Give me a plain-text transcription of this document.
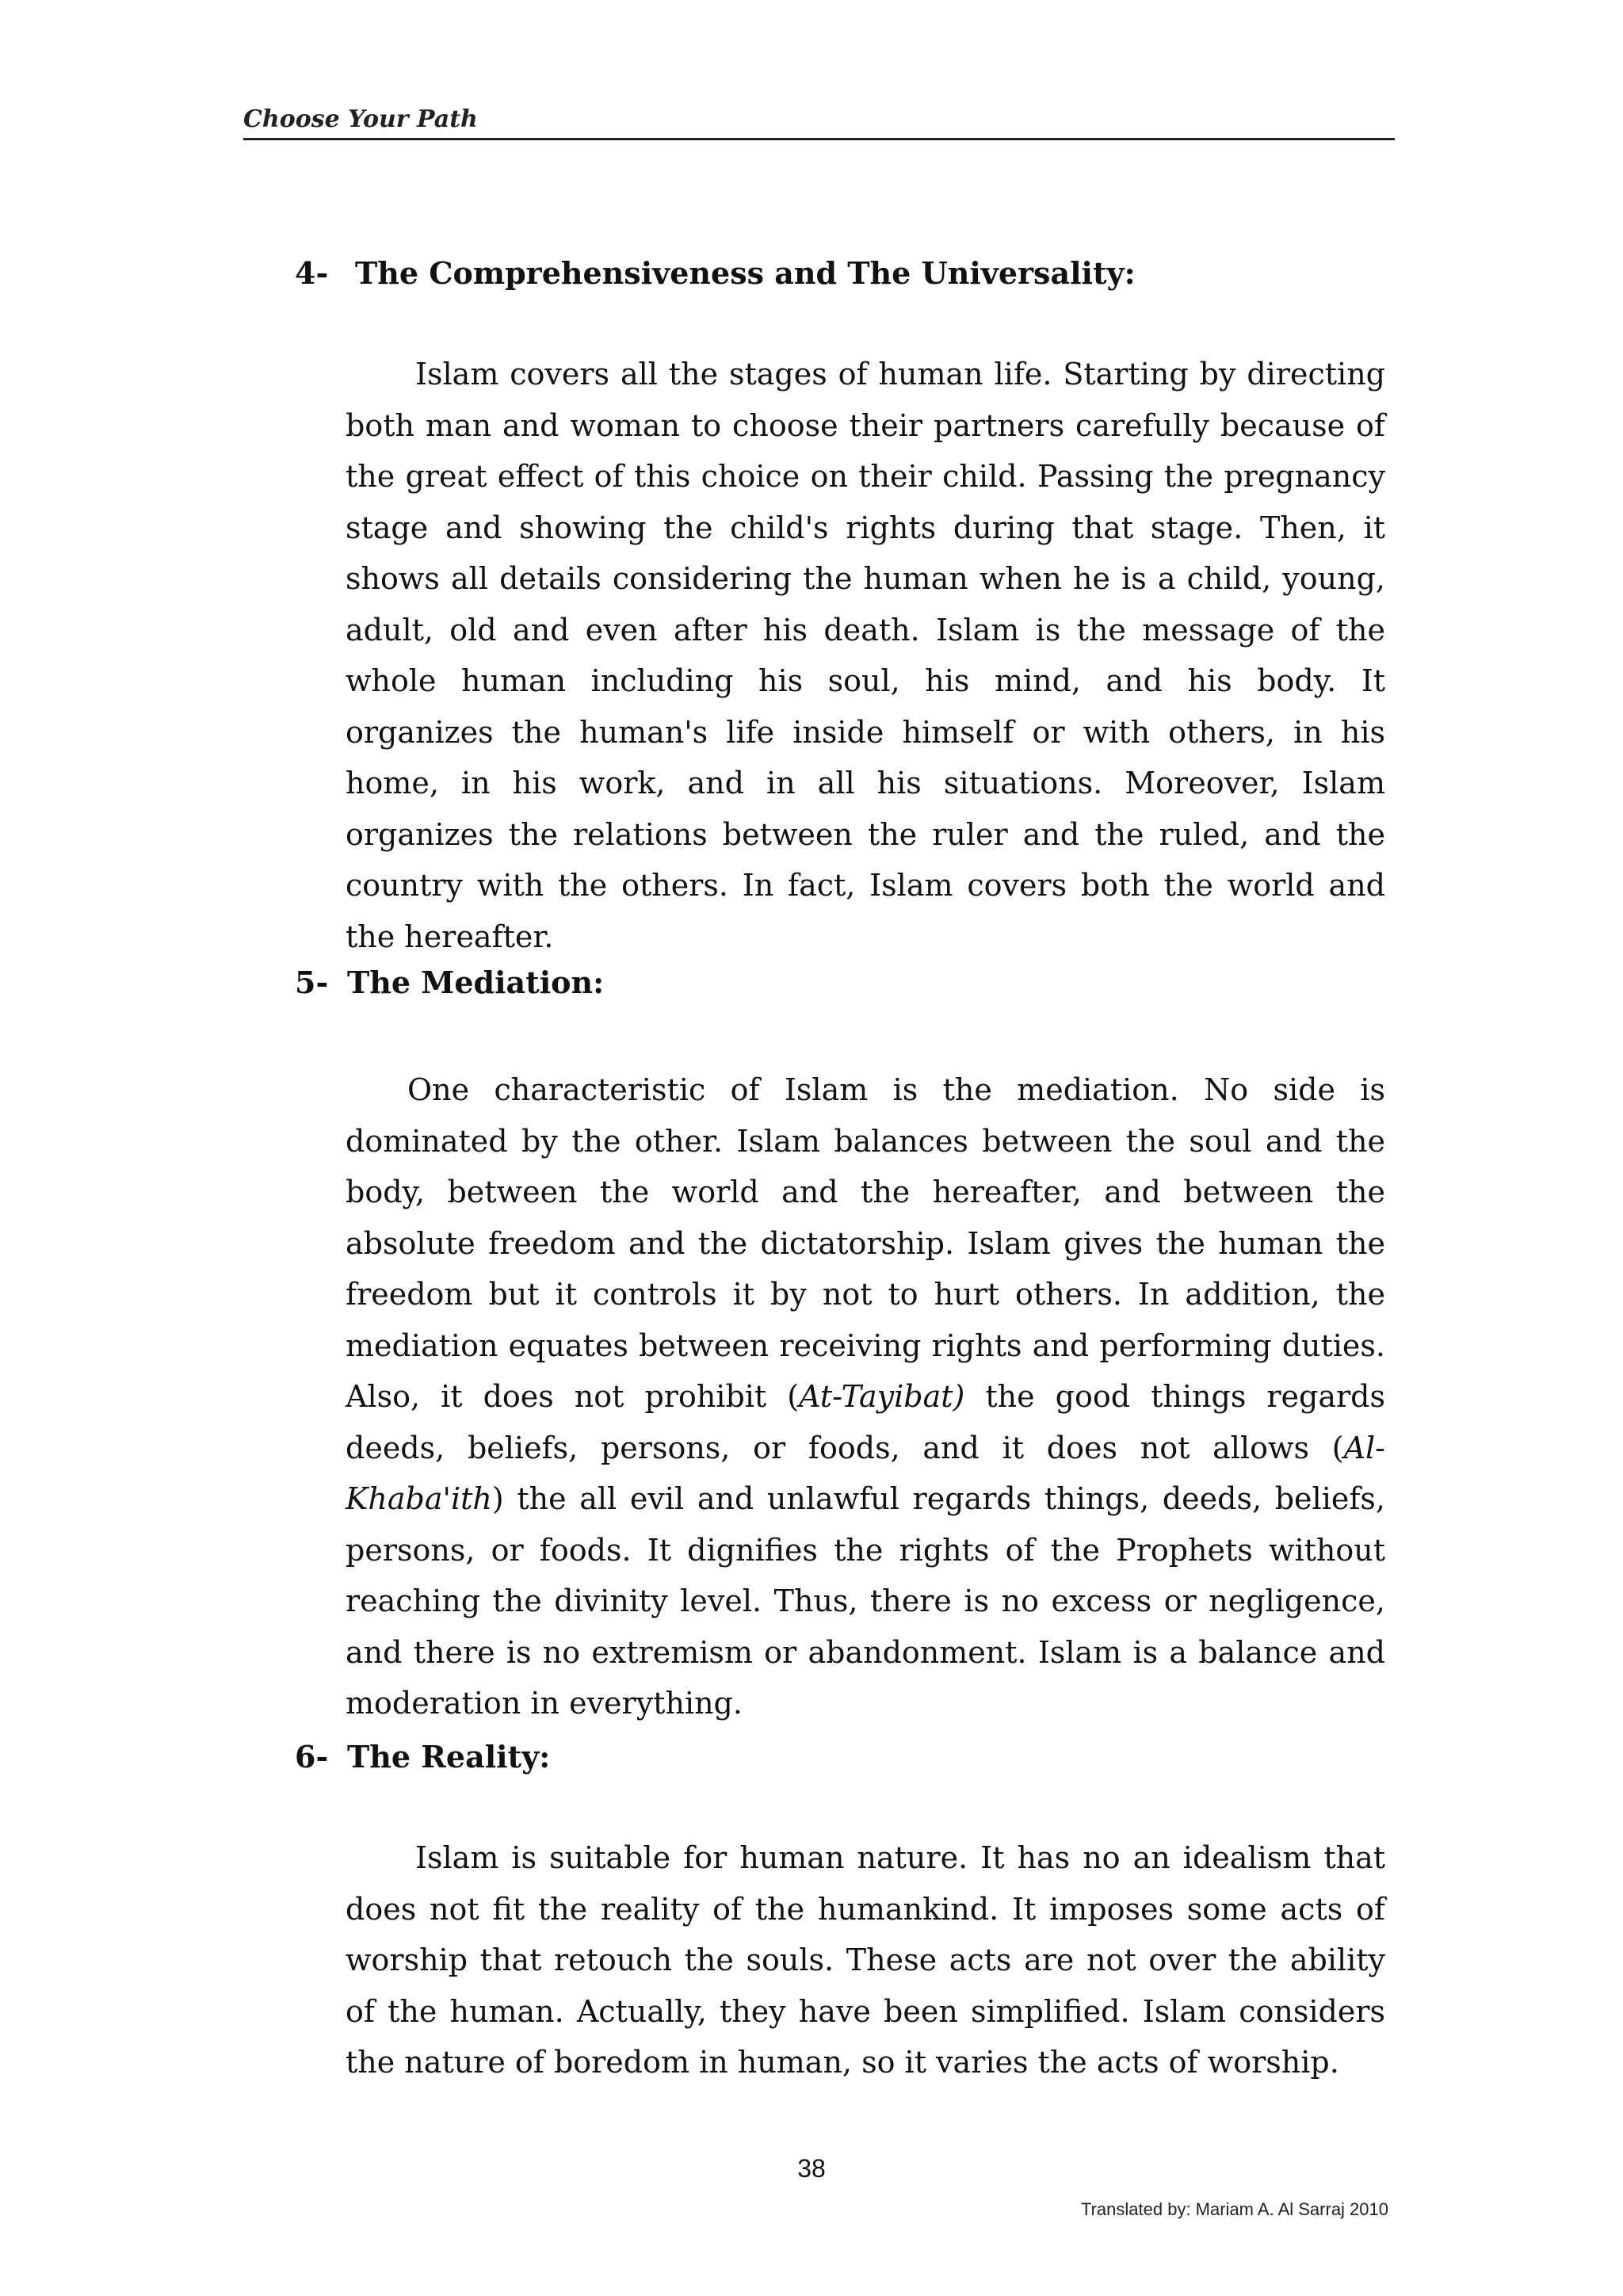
Choose Your Path
4- The Comprehensiveness and The Universality:

Islam covers all the stages of human life. Starting by directing both man and woman to choose their partners carefully because of the great effect of this choice on their child. Passing the pregnancy stage and showing the child's rights during that stage. Then, it shows all details considering the human when he is a child, young, adult, old and even after his death. Islam is the message of the whole human including his soul, his mind, and his body. It organizes the human's life inside himself or with others, in his home, in his work, and in all his situations. Moreover, Islam organizes the relations between the ruler and the ruled, and the country with the others. In fact, Islam covers both the world and the hereafter.

5- The Mediation:

One characteristic of Islam is the mediation. No side is dominated by the other. Islam balances between the soul and the body, between the world and the hereafter, and between the absolute freedom and the dictatorship. Islam gives the human the freedom but it controls it by not to hurt others. In addition, the mediation equates between receiving rights and performing duties. Also, it does not prohibit (At-Tayibat) the good things regards deeds, beliefs, persons, or foods, and it does not allows (Al-Khaba'ith) the all evil and unlawful regards things, deeds, beliefs, persons, or foods. It dignifies the rights of the Prophets without reaching the divinity level. Thus, there is no excess or negligence, and there is no extremism or abandonment. Islam is a balance and moderation in everything.

6- The Reality:

Islam is suitable for human nature. It has no an idealism that does not fit the reality of the humankind. It imposes some acts of worship that retouch the souls. These acts are not over the ability of the human. Actually, they have been simplified. Islam considers the nature of boredom in human, so it varies the acts of worship.

38
Translated by: Mariam A. Al Sarraj 2010
